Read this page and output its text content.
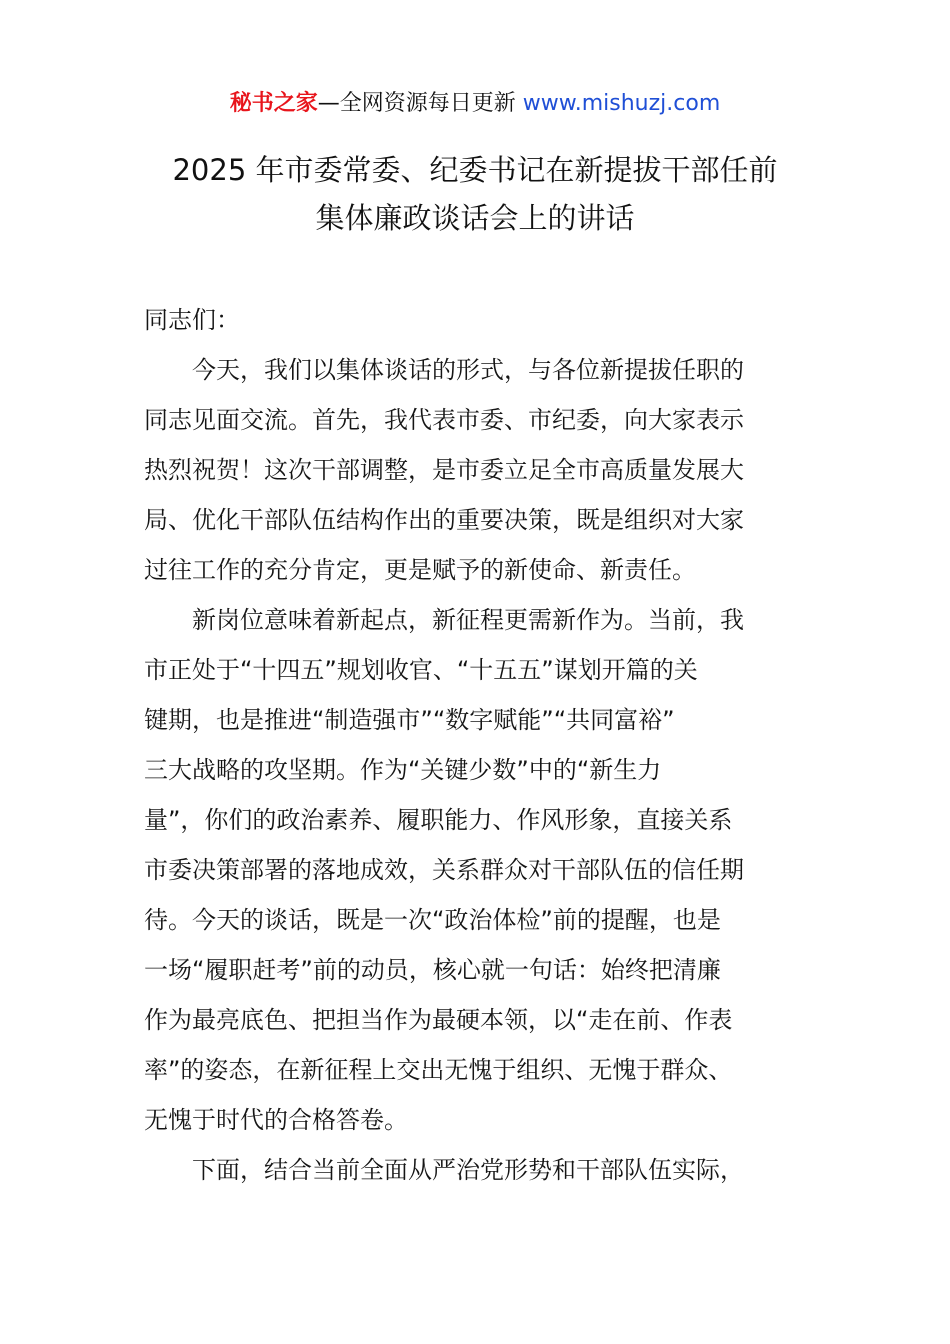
秘书之家—全网资源每日更新 www.mishuzj.com
2025 年市委常委、纪委书记在新提拔干部任前
集体廉政谈话会上的讲话
同志们：
今天，我们以集体谈话的形式，与各位新提拔任职的
同志见面交流。首先，我代表市委、市纪委，向大家表示
热烈祝贺！这次干部调整，是市委立足全市高质量发展大
局、优化干部队伍结构作出的重要决策，既是组织对大家
过往工作的充分肯定，更是赋予的新使命、新责任。
新岗位意味着新起点，新征程更需新作为。当前，我
市正处于“十四五”规划收官、“十五五”谋划开篇的关
键期，也是推进“制造强市”“数字赋能”“共同富裕”
三大战略的攻坚期。作为“关键少数”中的“新生力
量”，你们的政治素养、履职能力、作风形象，直接关系
市委决策部署的落地成效，关系群众对干部队伍的信任期
待。今天的谈话，既是一次“政治体检”前的提醒，也是
一场“履职赶考”前的动员，核心就一句话：始终把清廉
作为最亮底色、把担当作为最硬本领，以“走在前、作表
率”的姿态，在新征程上交出无愧于组织、无愧于群众、
无愧于时代的合格答卷。
下面，结合当前全面从严治党形势和干部队伍实际，
